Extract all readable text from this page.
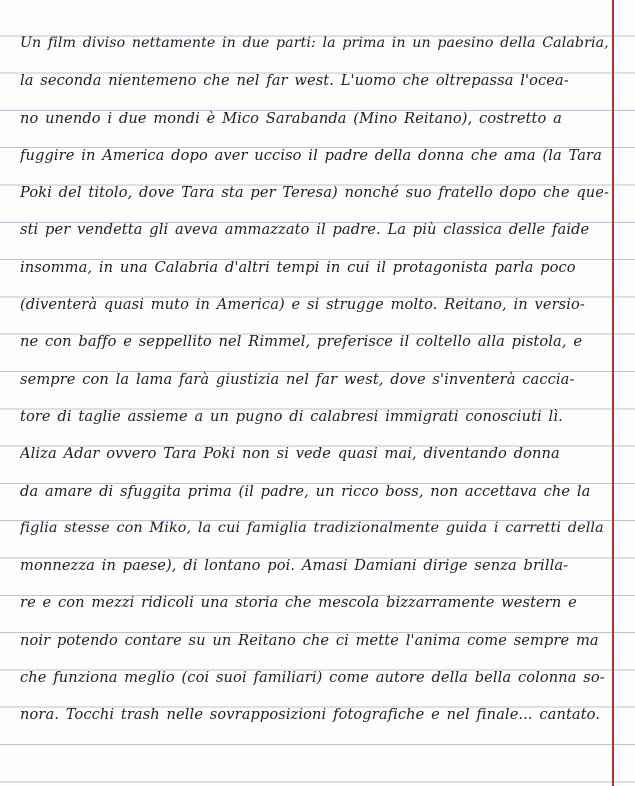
Un film diviso nettamente in due parti: la prima in un paesino della Calabria,
la seconda nientemeno che nel far west. L'uomo che oltrepassa l'ocea-
no unendo i due mondi è Mico Sarabanda (Mino Reitano), costretto a
fuggire in America dopo aver ucciso il padre della donna che ama (la Tara
Poki del titolo, dove Tara sta per Teresa) nonché suo fratello dopo che que-
sti per vendetta gli aveva ammazzato il padre. La più classica delle faide
insomma, in una Calabria d'altri tempi in cui il protagonista parla poco
(diventerà quasi muto in America) e si strugge molto. Reitano, in versio-
ne con baffo e seppellito nel Rimmel, preferisce il coltello alla pistola, e
sempre con la lama farà giustizia nel far west, dove s'inventerà caccia-
tore di taglie assieme a un pugno di calabresi immigrati conosciuti lì.
Aliza Adar ovvero Tara Poki non si vede quasi mai, diventando donna
da amare di sfuggita prima (il padre, un ricco boss, non accettava che la
figlia stesse con Miko, la cui famiglia tradizionalmente guida i carretti della
monnezza in paese), di lontano poi. Amasi Damiani dirige senza brilla-
re e con mezzi ridicoli una storia che mescola bizzarramente western e
noir potendo contare su un Reitano che ci mette l'anima come sempre ma
che funziona meglio (coi suoi familiari) come autore della bella colonna so-
nora. Tocchi trash nelle sovrapposizioni fotografiche e nel finale... cantato.
